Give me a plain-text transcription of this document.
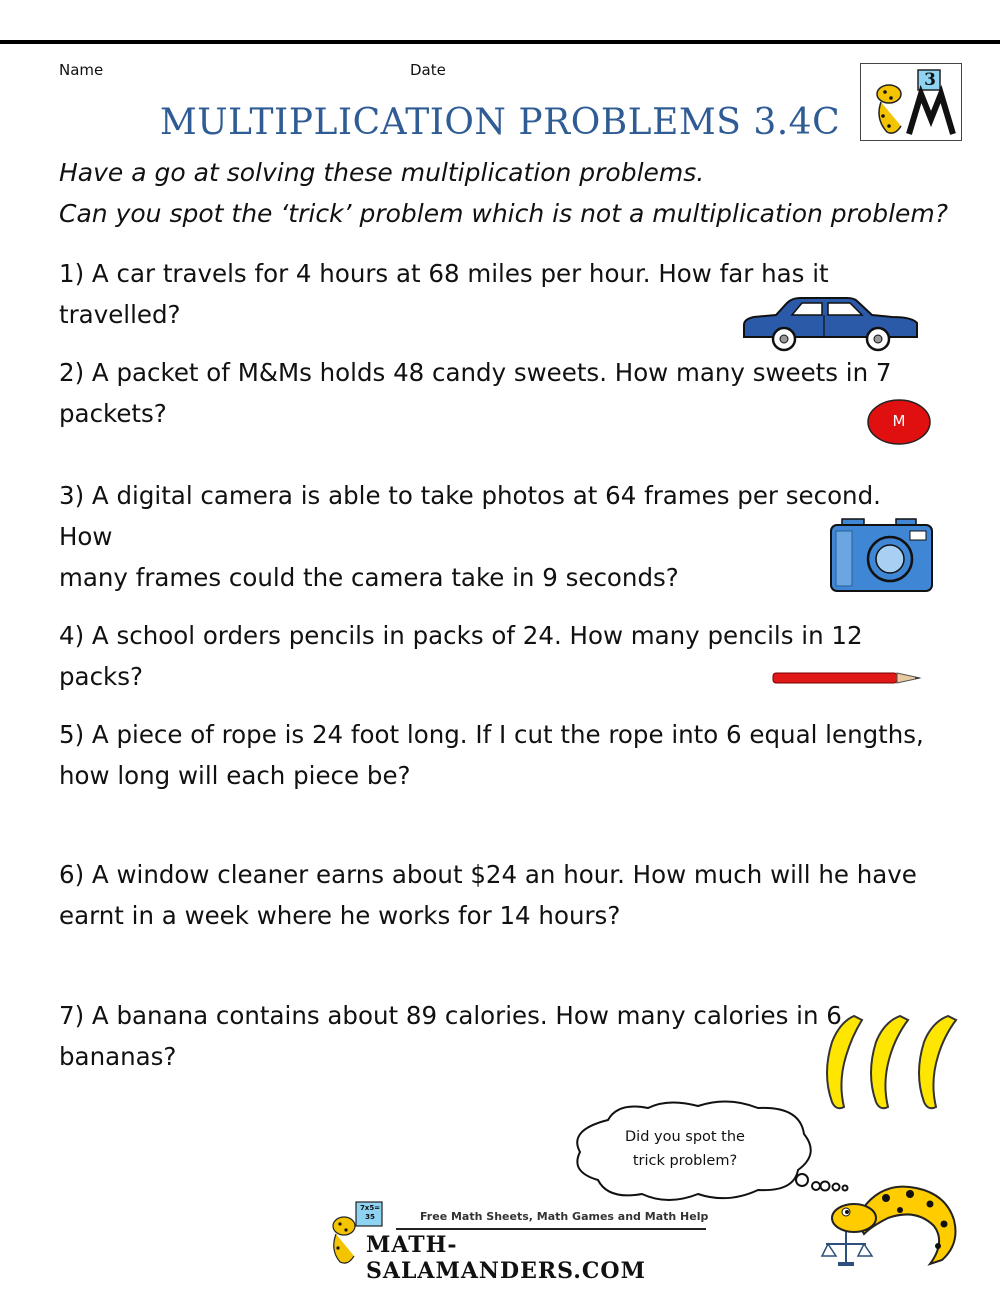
Name	Date	3
MULTIPLICATION PROBLEMS 3.4C
Have a go at solving these multiplication problems.
Can you spot the ‘trick’ problem which is not a multiplication problem?
1) A car travels for 4 hours at 68 miles per hour. How far has it travelled?
2) A packet of M&Ms holds 48 candy sweets. How many sweets in 7
packets?
3) A digital camera is able to take photos at 64 frames per second. How
many frames could the camera take in 9 seconds?
4) A school orders pencils in packs of 24. How many pencils in 12 packs?
5) A piece of rope is 24 foot long. If I cut the rope into 6 equal lengths,
how long will each piece be?
6) A window cleaner earns about $24 an hour. How much will he have
earnt in a week where he works for 14 hours?
7) A banana contains about 89 calories. How many calories in 6
bananas?
M
Did you spot the
trick problem?
7x5= 35	Free Math Sheets, Math Games and Math Help
MATH-SALAMANDERS.COM
